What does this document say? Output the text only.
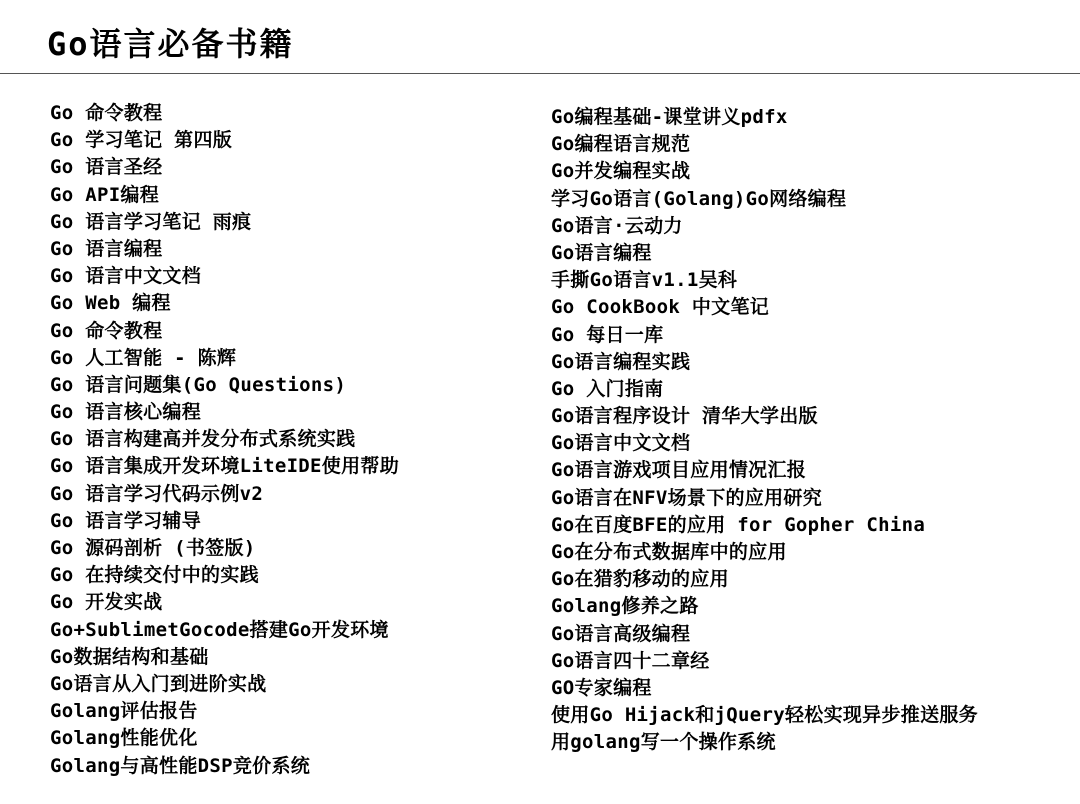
Go语言必备书籍
Go 命令教程
Go 学习笔记 第四版
Go 语言圣经
Go API编程
Go 语言学习笔记 雨痕
Go 语言编程
Go 语言中文文档
Go Web 编程
Go 命令教程
Go 人工智能 - 陈辉
Go 语言问题集(Go Questions)
Go 语言核心编程
Go 语言构建高并发分布式系统实践
Go 语言集成开发环境LiteIDE使用帮助
Go 语言学习代码示例v2
Go 语言学习辅导
Go 源码剖析 (书签版)
Go 在持续交付中的实践
Go 开发实战
Go+SublimetGocode搭建Go开发环境
Go数据结构和基础
Go语言从入门到进阶实战
Golang评估报告
Golang性能优化
Golang与高性能DSP竞价系统
Go编程基础-课堂讲义pdfx
Go编程语言规范
Go并发编程实战
学习Go语言(Golang)Go网络编程
Go语言·云动力
Go语言编程
手撕Go语言v1.1吴科
Go CookBook 中文笔记
Go 每日一库
Go语言编程实践
Go 入门指南
Go语言程序设计 清华大学出版
Go语言中文文档
Go语言游戏项目应用情况汇报
Go语言在NFV场景下的应用研究
Go在百度BFE的应用 for Gopher China
Go在分布式数据库中的应用
Go在猎豹移动的应用
Golang修养之路
Go语言高级编程
Go语言四十二章经
GO专家编程
使用Go Hijack和jQuery轻松实现异步推送服务
用golang写一个操作系统
